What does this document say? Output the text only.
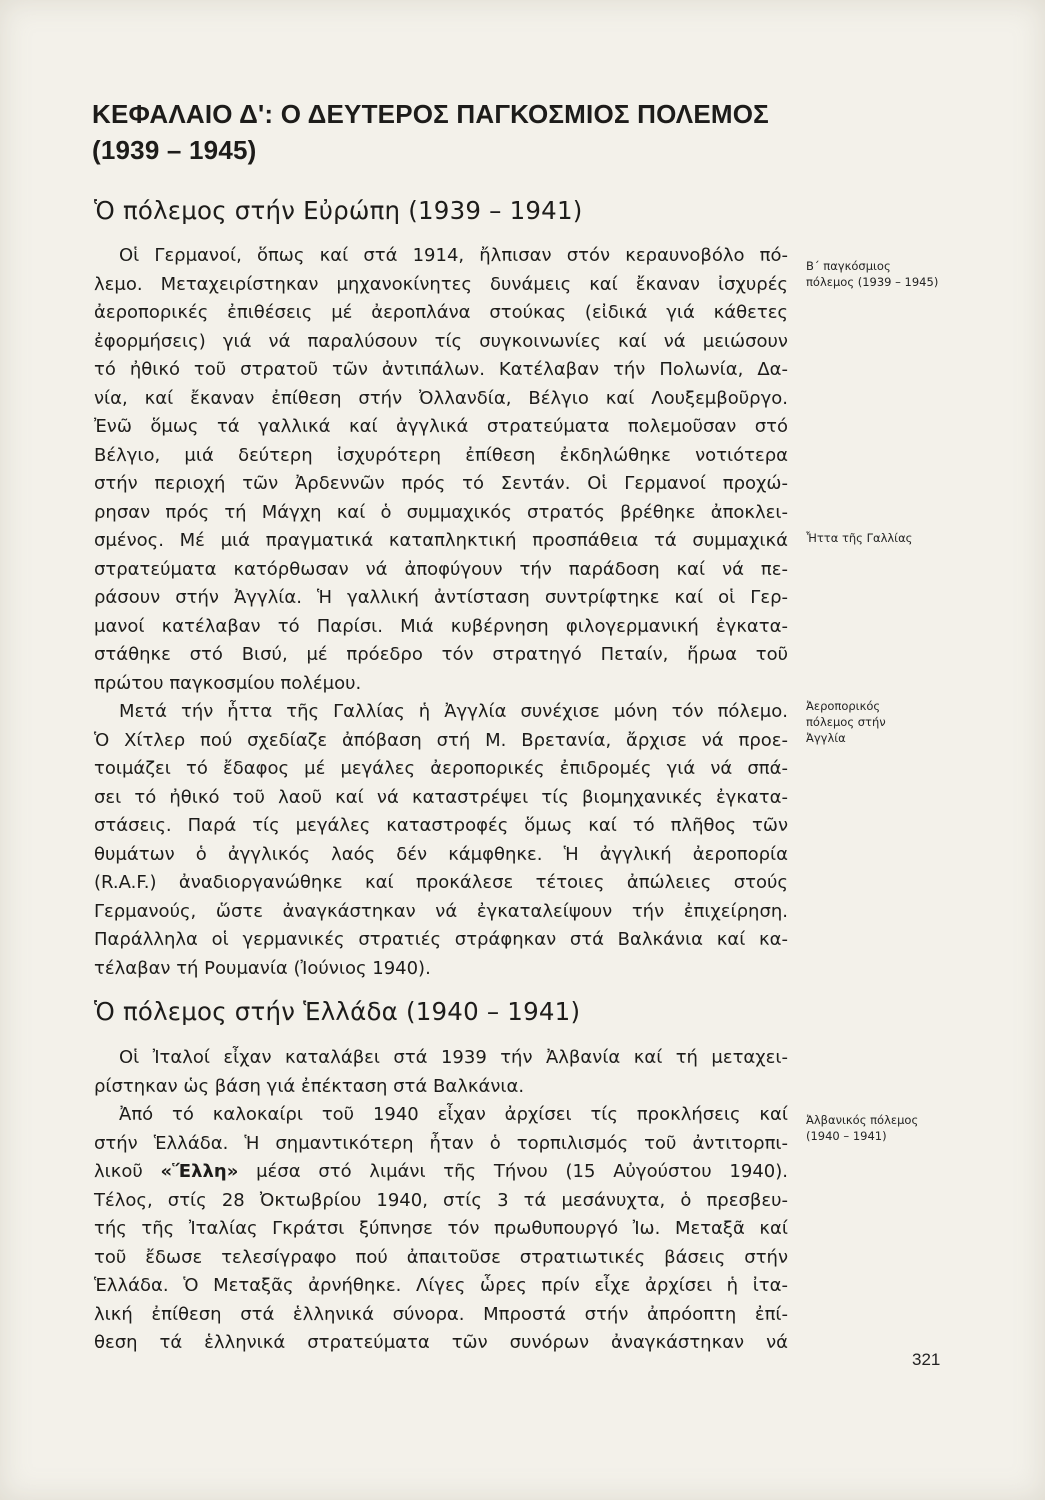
ΚΕΦΑΛΑΙΟ Δ': Ο ΔΕΥΤΕΡΟΣ ΠΑΓΚΟΣΜΙΟΣ ΠΟΛΕΜΟΣ
(1939 – 1945)
Ὁ πόλεμος στήν Εὐρώπη (1939 – 1941)
Οἱ Γερμανοί, ὅπως καί στά 1914, ἤλπισαν στόν κεραυνοβόλο πό-
λεμο. Μεταχειρίστηκαν μηχανοκίνητες δυνάμεις καί ἔκαναν ἰσχυρές
ἀεροπορικές ἐπιθέσεις μέ ἀεροπλάνα στούκας (εἰδικά γιά κάθετες
ἐφορμήσεις) γιά νά παραλύσουν τίς συγκοινωνίες καί νά μειώσουν
τό ἠθικό τοῦ στρατοῦ τῶν ἀντιπάλων. Κατέλαβαν τήν Πολωνία, Δα-
νία, καί ἔκαναν ἐπίθεση στήν Ὀλλανδία, Βέλγιο καί Λουξεμβοῦργο.
Ἐνῶ ὅμως τά γαλλικά καί ἀγγλικά στρατεύματα πολεμοῦσαν στό
Βέλγιο, μιά δεύτερη ἰσχυρότερη ἐπίθεση ἐκδηλώθηκε νοτιότερα
στήν περιοχή τῶν Ἀρδεννῶν πρός τό Σεντάν. Οἱ Γερμανοί προχώ-
ρησαν πρός τή Μάγχη καί ὁ συμμαχικός στρατός βρέθηκε ἀποκλει-
σμένος. Μέ μιά πραγματικά καταπληκτική προσπάθεια τά συμμαχικά
στρατεύματα κατόρθωσαν νά ἀποφύγουν τήν παράδοση καί νά πε-
ράσουν στήν Ἀγγλία. Ἡ γαλλική ἀντίσταση συντρίφτηκε καί οἱ Γερ-
μανοί κατέλαβαν τό Παρίσι. Μιά κυβέρνηση φιλογερμανική ἐγκατα-
στάθηκε στό Βισύ, μέ πρόεδρο τόν στρατηγό Πεταίν, ἥρωα τοῦ
πρώτου παγκοσμίου πολέμου.
Μετά τήν ἧττα τῆς Γαλλίας ἡ Ἀγγλία συνέχισε μόνη τόν πόλεμο.
Ὁ Χίτλερ πού σχεδίαζε ἀπόβαση στή Μ. Βρετανία, ἄρχισε νά προε-
τοιμάζει τό ἔδαφος μέ μεγάλες ἀεροπορικές ἐπιδρομές γιά νά σπά-
σει τό ἠθικό τοῦ λαοῦ καί νά καταστρέψει τίς βιομηχανικές ἐγκατα-
στάσεις. Παρά τίς μεγάλες καταστροφές ὅμως καί τό πλῆθος τῶν
θυμάτων ὁ ἀγγλικός λαός δέν κάμφθηκε. Ἡ ἀγγλική ἀεροπορία
(R.A.F.) ἀναδιοργανώθηκε καί προκάλεσε τέτοιες ἀπώλειες στούς
Γερμανούς, ὥστε ἀναγκάστηκαν νά ἐγκαταλείψουν τήν ἐπιχείρηση.
Παράλληλα οἱ γερμανικές στρατιές στράφηκαν στά Βαλκάνια καί κα-
τέλαβαν τή Ρουμανία (Ἰούνιος 1940).
Ὁ πόλεμος στήν Ἑλλάδα (1940 – 1941)
Οἱ Ἰταλοί εἶχαν καταλάβει στά 1939 τήν Ἀλβανία καί τή μεταχει-
ρίστηκαν ὡς βάση γιά ἐπέκταση στά Βαλκάνια.
Ἀπό τό καλοκαίρι τοῦ 1940 εἶχαν ἀρχίσει τίς προκλήσεις καί
στήν Ἑλλάδα. Ἡ σημαντικότερη ἦταν ὁ τορπιλισμός τοῦ ἀντιτορπι-
λικοῦ «Ἕλλη» μέσα στό λιμάνι τῆς Τήνου (15 Αὐγούστου 1940).
Τέλος, στίς 28 Ὀκτωβρίου 1940, στίς 3 τά μεσάνυχτα, ὁ πρεσβευ-
τής τῆς Ἰταλίας Γκράτσι ξύπνησε τόν πρωθυπουργό Ἰω. Μεταξᾶ καί
τοῦ ἔδωσε τελεσίγραφο πού ἀπαιτοῦσε στρατιωτικές βάσεις στήν
Ἑλλάδα. Ὁ Μεταξᾶς ἀρνήθηκε. Λίγες ὧρες πρίν εἶχε ἀρχίσει ἡ ἰτα-
λική ἐπίθεση στά ἑλληνικά σύνορα. Μπροστά στήν ἀπρόοπτη ἐπί-
θεση τά ἑλληνικά στρατεύματα τῶν συνόρων ἀναγκάστηκαν νά
Β΄ παγκόσμιος
πόλεμος (1939 – 1945)
Ἧττα τῆς Γαλλίας
Ἀεροπορικός
πόλεμος στήν
Ἀγγλία
Ἀλβανικός πόλεμος
(1940 – 1941)
321
